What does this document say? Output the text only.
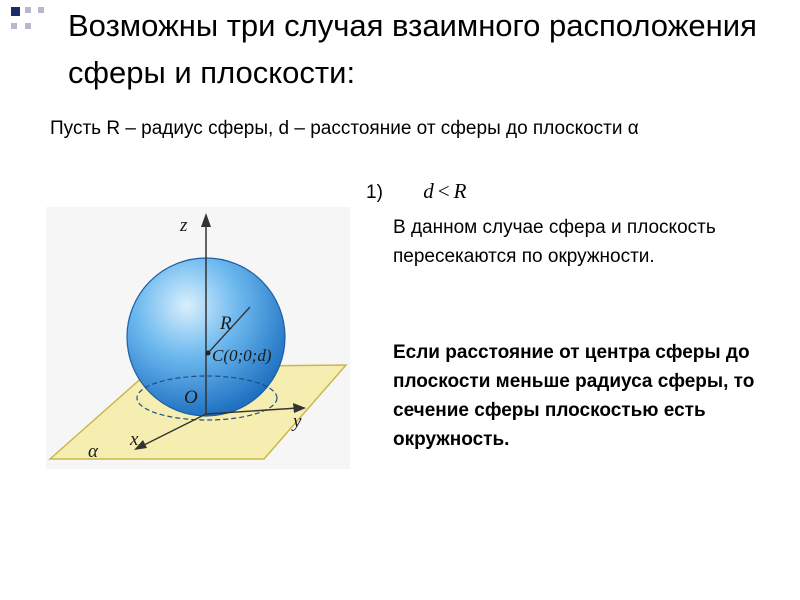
Возможны три случая взаимного расположения сферы и плоскости:
Пусть R – радиус сферы, d – расстояние от сферы до плоскости α
1) d < R
В данном случае сфера и плоскость пересекаются по окружности.
Если расстояние от центра сферы до плоскости меньше радиуса сферы, то сечение сферы плоскостью есть окружность.
z
R
C(0;0;d)
O
y
x
α
